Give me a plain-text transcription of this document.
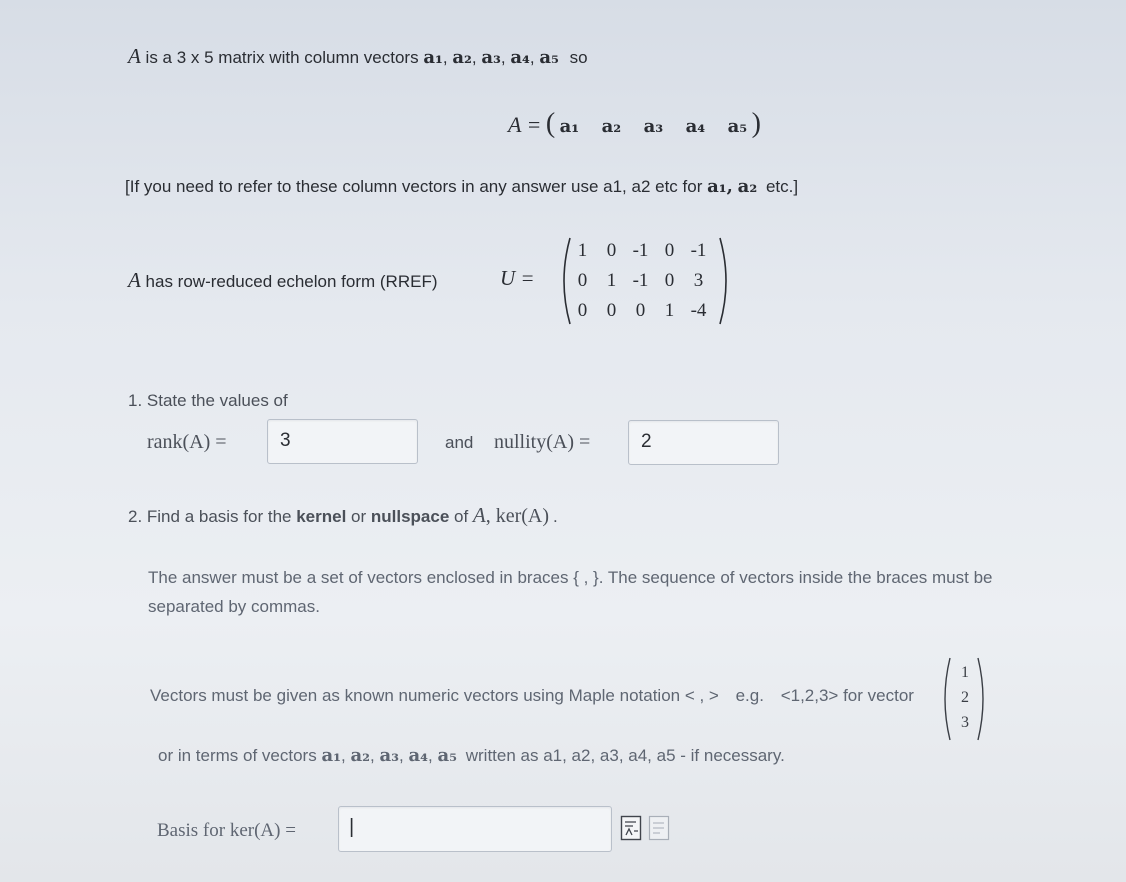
A is a 3 x 5 matrix with column vectors a₁, a₂, a₃, a₄, a₅ so
A = ( a₁ a₂ a₃ a₄ a₅ )
[If you need to refer to these column vectors in any answer use a1, a2 etc for a₁, a₂ etc.]
A has row-reduced echelon form (RREF)	U =
1	0 -1 0 -1
0	1 -1 0	3
0	0	0	1 -4
1. State the values of
rank(A) =	3	and nullity(A) =	2
2. Find a basis for the kernel or nullspace of A, ker(A) .
The answer must be a set of vectors enclosed in braces { , }. The sequence of vectors inside the braces must be
separated by commas.
Vectors must be given as known numeric vectors using Maple notation < , > e.g. <1,2,3> for vector
1
2
3
or in terms of vectors a₁, a₂, a₃, a₄, a₅ written as a1, a2, a3, a4, a5 - if necessary.
Basis for ker(A) =	|
